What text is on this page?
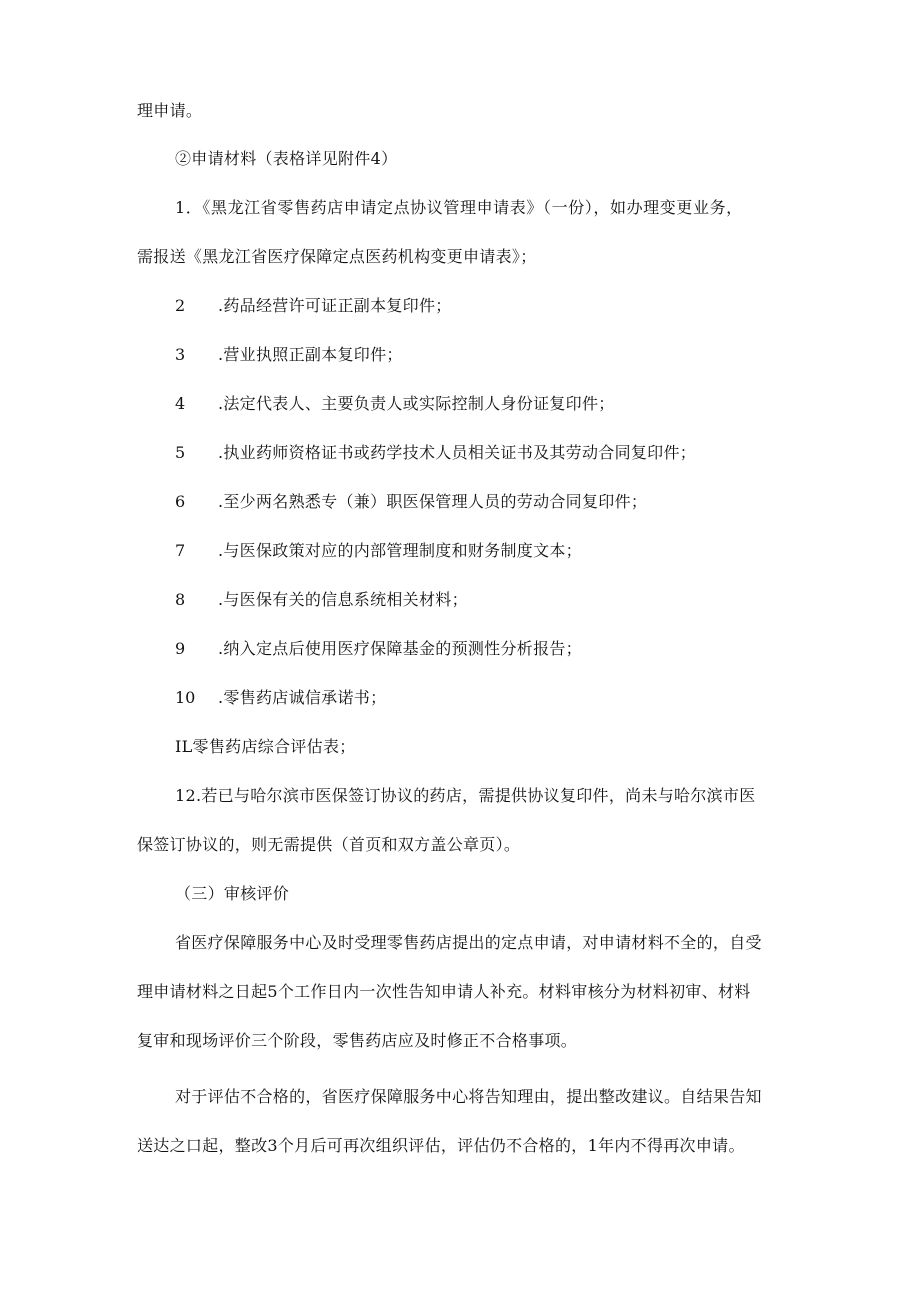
理申请。
②申请材料（表格详见附件4）
1．《黑龙江省零售药店申请定点协议管理申请表》（一份），如办理变更业务，
需报送《黑龙江省医疗保障定点医药机构变更申请表》；
2 .药品经营许可证正副本复印件；
3 .营业执照正副本复印件；
4 .法定代表人、主要负责人或实际控制人身份证复印件；
5 .执业药师资格证书或药学技术人员相关证书及其劳动合同复印件；
6 .至少两名熟悉专（兼）职医保管理人员的劳动合同复印件；
7 .与医保政策对应的内部管理制度和财务制度文本；
8 .与医保有关的信息系统相关材料；
9 .纳入定点后使用医疗保障基金的预测性分析报告；
10 .零售药店诚信承诺书；
IL零售药店综合评估表；
12.若已与哈尔滨市医保签订协议的药店，需提供协议复印件，尚未与哈尔滨市医
保签订协议的，则无需提供（首页和双方盖公章页）。
（三）审核评价
省医疗保障服务中心及时受理零售药店提出的定点申请，对申请材料不全的，自受
理申请材料之日起5个工作日内一次性告知申请人补充。材料审核分为材料初审、材料
复审和现场评价三个阶段，零售药店应及时修正不合格事项。
对于评估不合格的，省医疗保障服务中心将告知理由，提出整改建议。自结果告知
送达之口起，整改3个月后可再次组织评估，评估仍不合格的，1年内不得再次申请。
